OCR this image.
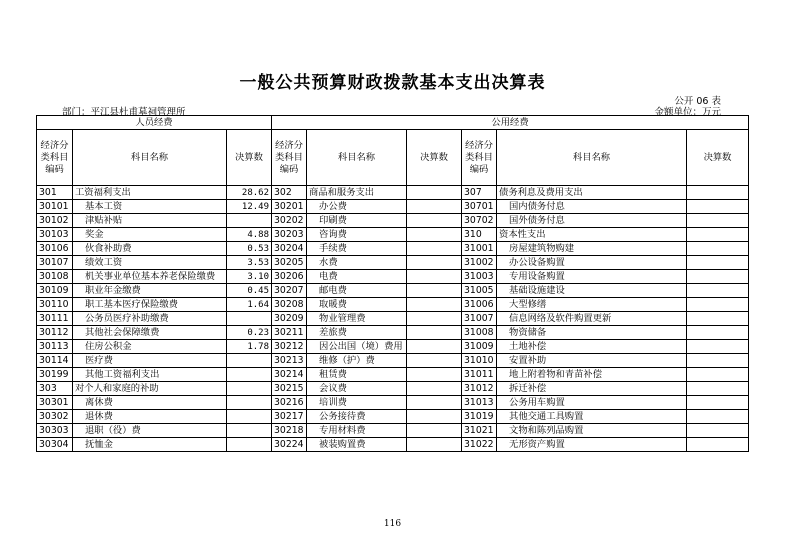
一般公共预算财政拨款基本支出决算表
公开 06 表
部门：平江县杜甫墓祠管理所	金额单位：万元
人员经费			公用经费					
经济分类科目编码	科目名称	决算数	经济分类科目编码	科目名称	决算数	经济分类科目编码	科目名称	决算数
301	工资福利支出	28.62	302	商品和服务支出		307	债务利息及费用支出	
30101	基本工资	12.49	30201	办公费		30701	国内债务付息	
30102	津贴补贴		30202	印刷费		30702	国外债务付息	
30103	奖金	4.88	30203	咨询费		310	资本性支出	
30106	伙食补助费	0.53	30204	手续费		31001	房屋建筑物购建	
30107	绩效工资	3.53	30205	水费		31002	办公设备购置	
30108	机关事业单位基本养老保险缴费	3.10	30206	电费		31003	专用设备购置	
30109	职业年金缴费	0.45	30207	邮电费		31005	基础设施建设	
30110	职工基本医疗保险缴费	1.64	30208	取暖费		31006	大型修缮	
30111	公务员医疗补助缴费		30209	物业管理费		31007	信息网络及软件购置更新	
30112	其他社会保障缴费	0.23	30211	差旅费		31008	物资储备	
30113	住房公积金	1.78	30212	因公出国（境）费用		31009	土地补偿	
30114	医疗费		30213	维修（护）费		31010	安置补助	
30199	其他工资福利支出		30214	租赁费		31011	地上附着物和青苗补偿	
303	对个人和家庭的补助		30215	会议费		31012	拆迁补偿	
30301	离休费		30216	培训费		31013	公务用车购置	
30302	退休费		30217	公务接待费		31019	其他交通工具购置	
30303	退职（役）费		30218	专用材料费		31021	文物和陈列品购置	
30304	抚恤金		30224	被装购置费		31022	无形资产购置	
116
